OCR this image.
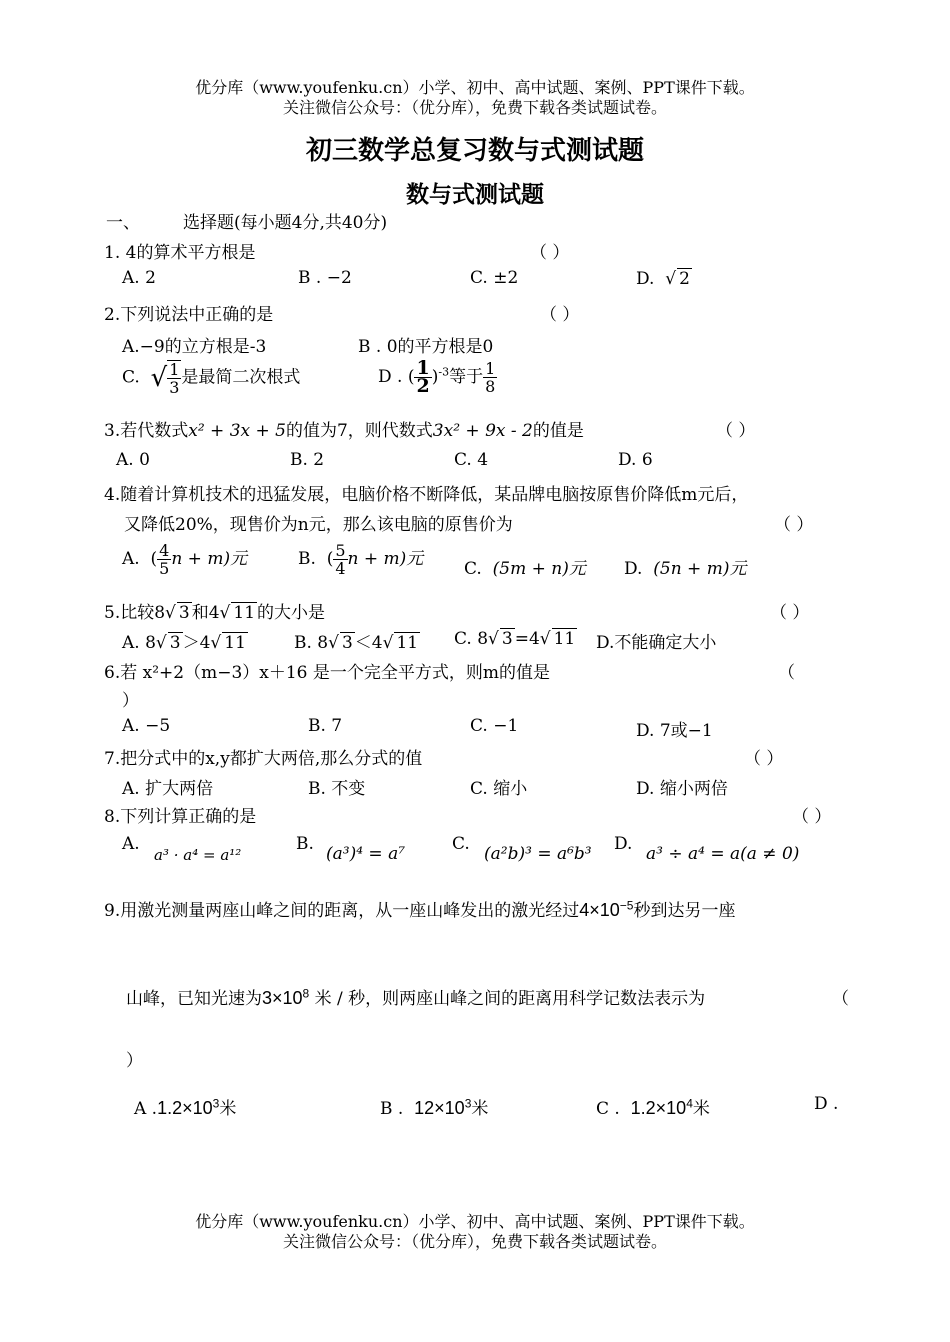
优分库（www.youfenku.cn）小学、初中、高中试题、案例、PPT课件下载。
关注微信公众号：（优分库），免费下载各类试题试卷。
初三数学总复习数与式测试题
数与式测试题
一、	选择题(每小题4分,共40分)
1. 4的算术平方根是	（ ）
A. 2	B . −2	C. ±2	D.  √ 2
2.下列说法中正确的是	（ ）
A.−9的立方根是-3	B . 0的平方根是0
C. √ $\frac{1}{3}$ 是最简二次根式	D . ( $\frac{1}{2} )^{-3}$等于 $\frac{1}{8}$
3.若代数式x² + 3x + 5的值为7，则代数式3x² + 9x - 2的值是	（ ）
A. 0	B. 2	C. 4	D. 6
4.随着计算机技术的迅猛发展，电脑价格不断降低，某品牌电脑按原售价降低m元后，
又降低20%，现售价为n元，那么该电脑的原售价为	（ ）
A.  ( $\frac{4}{5}$ n + m)元	B.  ( $\frac{5}{4}$ n + m)元 C. (5m + n)元 D. (5n + m)元
5.比较8√ 3 和4√ 11 的大小是	（ ）
A. 8√ 3 ＞4√ 11	B. 8√ 3 ＜4√ 11 C. 8√ 3 =4√ 11 D.不能确定大小
6.若 x²+2（m−3）x＋16 是一个完全平方式，则m的值是	（
）
A. −5	B. 7	C. −1	D. 7或−1
7.把分式中的x,y都扩大两倍,那么分式的值	（ ）
A. 扩大两倍	B. 不变	C. 缩小	D. 缩小两倍
8.下列计算正确的是	（ ）
A.
a³ · a⁴ = a¹²
B. (a³)⁴ = a⁷	C. (a²b)³ = a⁶b³ D. a³ ÷ a⁴ = a(a ≠ 0)
9.用激光测量两座山峰之间的距离，从一座山峰发出的激光经过$4\times 10^{-5}$秒到达另一座
山峰，已知光速为$3\times 10^8$ 米 / 秒，则两座山峰之间的距离用科学记数法表示为	（
）
A $.1.2\times 10^3$米	B . $12\times 10^3$米	C . $1.2\times 10^4$米	D .
优分库（www.youfenku.cn）小学、初中、高中试题、案例、PPT课件下载。
关注微信公众号：（优分库），免费下载各类试题试卷。
